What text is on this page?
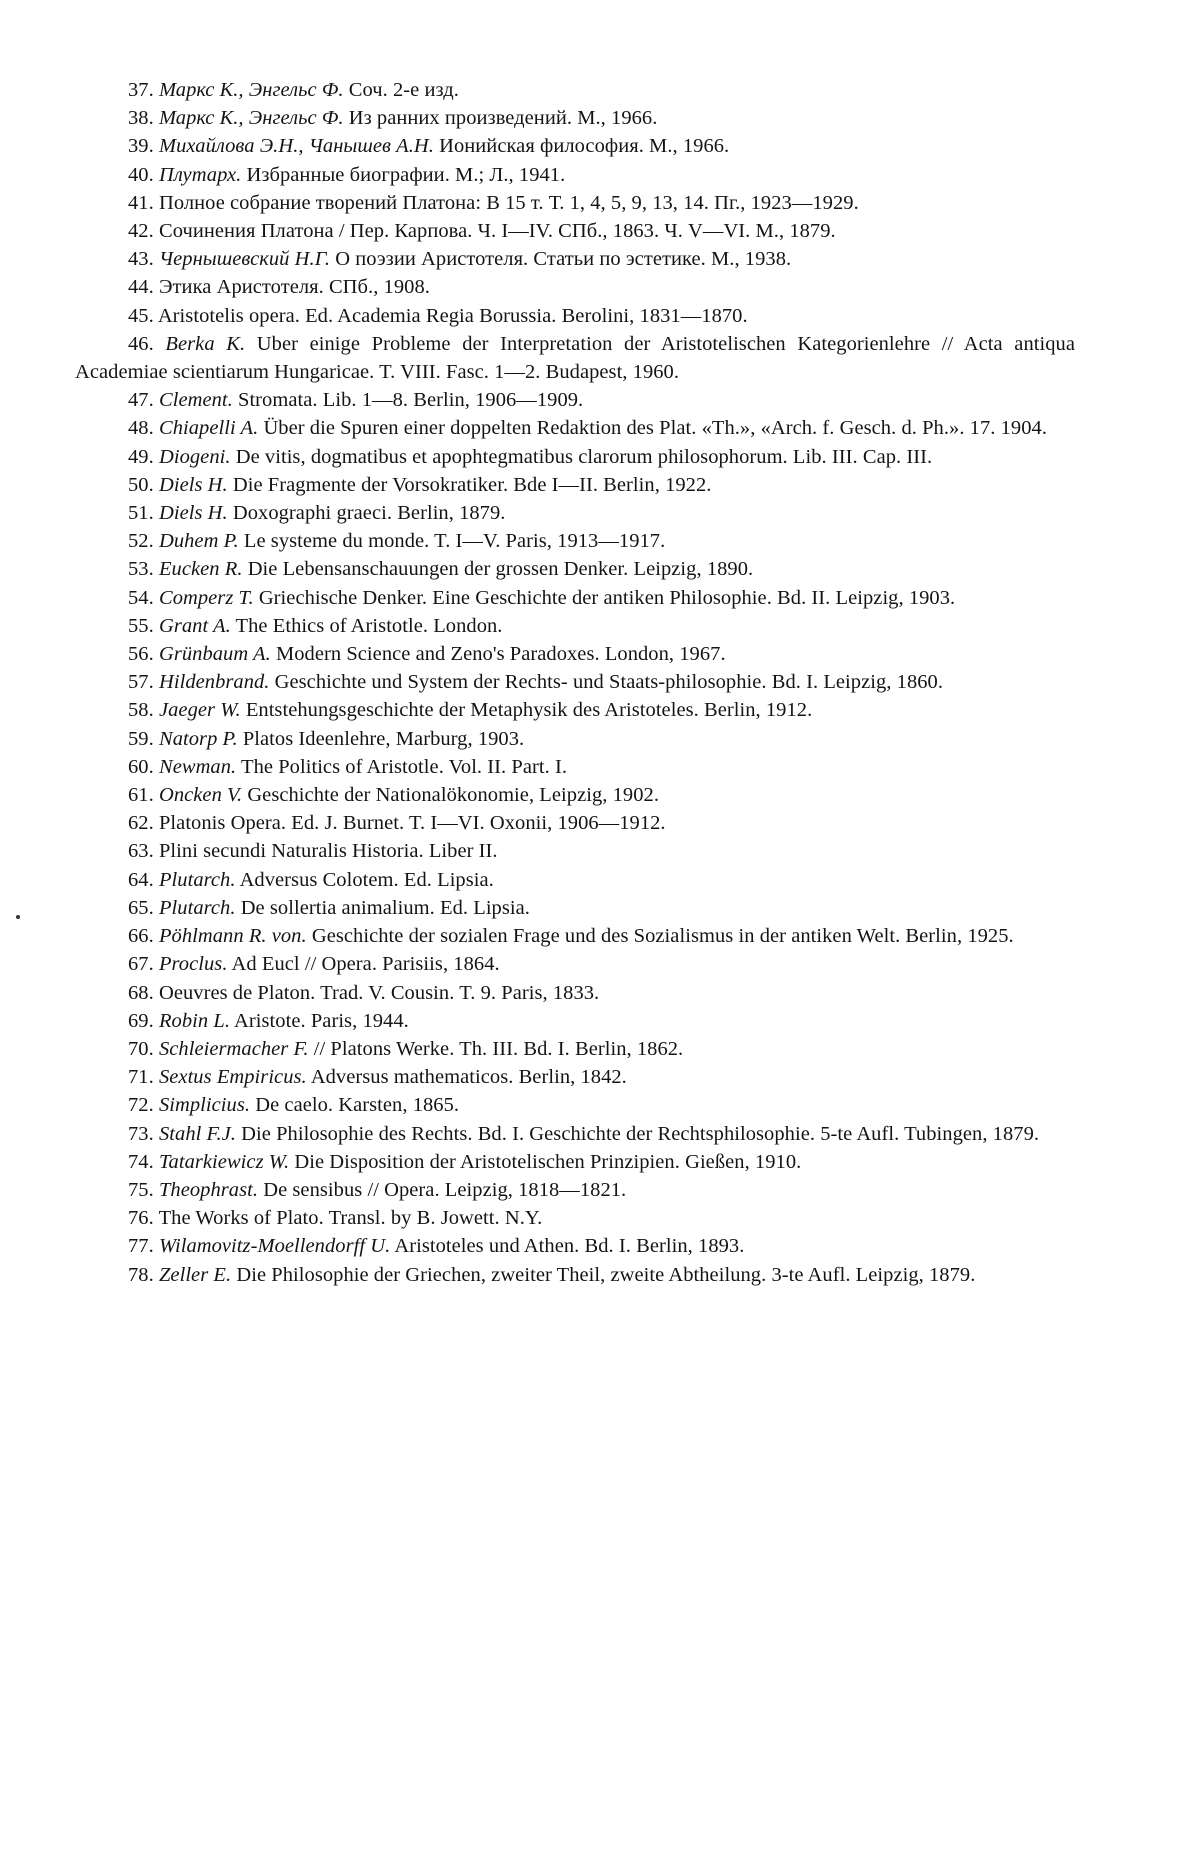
37. Маркс К., Энгельс Ф. Соч. 2-е изд.
38. Маркс К., Энгельс Ф. Из ранних произведений. М., 1966.
39. Михайлова Э.Н., Чанышев А.Н. Ионийская философия. М., 1966.
40. Плутарх. Избранные биографии. М.; Л., 1941.
41. Полное собрание творений Платона: В 15 т. Т. 1, 4, 5, 9, 13, 14. Пг., 1923—1929.
42. Сочинения Платона / Пер. Карпова. Ч. I—IV. СПб., 1863. Ч. V—VI. М., 1879.
43. Чернышевский Н.Г. О поэзии Аристотеля. Статьи по эстетике. М., 1938.
44. Этика Аристотеля. СПб., 1908.
45. Aristotelis opera. Ed. Academia Regia Borussia. Berolini, 1831—1870.
46. Berka K. Uber einige Probleme der Interpretation der Aristotelischen Kategorienlehre // Acta antiqua Academiae scientiarum Hungaricae. T. VIII. Fasc. 1—2. Budapest, 1960.
47. Clement. Stromata. Lib. 1—8. Berlin, 1906—1909.
48. Chiapelli A. Über die Spuren einer doppelten Redaktion des Plat. «Th.», «Arch. f. Gesch. d. Ph.». 17. 1904.
49. Diogeni. De vitis, dogmatibus et apophtegmatibus clarorum philosophorum. Lib. III. Cap. III.
50. Diels H. Die Fragmente der Vorsokratiker. Bde I—II. Berlin, 1922.
51. Diels H. Doxographi graeci. Berlin, 1879.
52. Duhem P. Le systeme du monde. T. I—V. Paris, 1913—1917.
53. Eucken R. Die Lebensanschauungen der grossen Denker. Leipzig, 1890.
54. Comperz T. Griechische Denker. Eine Geschichte der antiken Philosophie. Bd. II. Leipzig, 1903.
55. Grant A. The Ethics of Aristotle. London.
56. Grünbaum A. Modern Science and Zeno's Paradoxes. London, 1967.
57. Hildenbrand. Geschichte und System der Rechts- und Staats-philosophie. Bd. I. Leipzig, 1860.
58. Jaeger W. Entstehungsgeschichte der Metaphysik des Aristoteles. Berlin, 1912.
59. Natorp P. Platos Ideenlehre, Marburg, 1903.
60. Newman. The Politics of Aristotle. Vol. II. Part. I.
61. Oncken V. Geschichte der Nationalökonomie, Leipzig, 1902.
62. Platonis Opera. Ed. J. Burnet. T. I—VI. Oxonii, 1906—1912.
63. Plini secundi Naturalis Historia. Liber II.
64. Plutarch. Adversus Colotem. Ed. Lipsia.
65. Plutarch. De sollertia animalium. Ed. Lipsia.
66. Pöhlmann R. von. Geschichte der sozialen Frage und des Sozialismus in der antiken Welt. Berlin, 1925.
67. Proclus. Ad Eucl // Opera. Parisiis, 1864.
68. Oeuvres de Platon. Trad. V. Cousin. T. 9. Paris, 1833.
69. Robin L. Aristote. Paris, 1944.
70. Schleiermacher F. // Platons Werke. Th. III. Bd. I. Berlin, 1862.
71. Sextus Empiricus. Adversus mathematicos. Berlin, 1842.
72. Simplicius. De caelo. Karsten, 1865.
73. Stahl F.J. Die Philosophie des Rechts. Bd. I. Geschichte der Rechtsphilosophie. 5-te Aufl. Tubingen, 1879.
74. Tatarkiewicz W. Die Disposition der Aristotelischen Prinzipien. Gießen, 1910.
75. Theophrast. De sensibus // Opera. Leipzig, 1818—1821.
76. The Works of Plato. Transl. by B. Jowett. N.Y.
77. Wilamovitz-Moellendorff U. Aristoteles und Athen. Bd. I. Berlin, 1893.
78. Zeller E. Die Philosophie der Griechen, zweiter Theil, zweite Abtheilung. 3-te Aufl. Leipzig, 1879.
